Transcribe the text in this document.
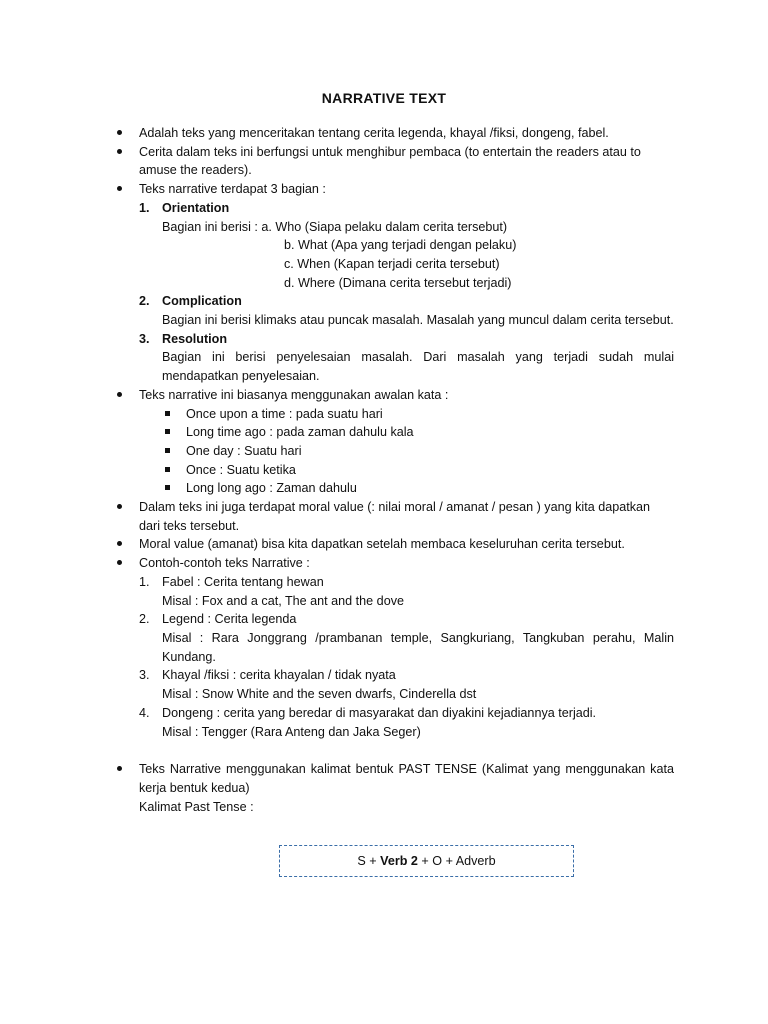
NARRATIVE TEXT
Adalah teks yang menceritakan tentang cerita legenda, khayal /fiksi, dongeng, fabel.
Cerita dalam teks ini berfungsi untuk menghibur pembaca (to entertain the readers atau to amuse the readers).
Teks narrative terdapat 3 bagian :
1. Orientation
Bagian ini berisi : a. Who (Siapa pelaku dalam cerita tersebut)
b. What (Apa yang terjadi dengan pelaku)
c. When (Kapan terjadi cerita tersebut)
d. Where (Dimana cerita tersebut terjadi)
2. Complication
Bagian ini berisi klimaks atau puncak masalah. Masalah yang muncul dalam cerita tersebut.
3. Resolution
Bagian ini berisi penyelesaian masalah. Dari masalah yang terjadi sudah mulai mendapatkan penyelesaian.
Teks narrative ini biasanya menggunakan awalan kata :
Once upon a time : pada suatu hari
Long time ago : pada zaman dahulu kala
One day : Suatu hari
Once : Suatu ketika
Long long ago : Zaman dahulu
Dalam teks ini juga terdapat moral value (: nilai moral / amanat / pesan ) yang kita dapatkan dari teks tersebut.
Moral value (amanat) bisa kita dapatkan setelah membaca keseluruhan cerita tersebut.
Contoh-contoh teks Narrative :
1. Fabel : Cerita tentang hewan
Misal : Fox and a cat, The ant and the dove
2. Legend : Cerita legenda
Misal : Rara Jonggrang /prambanan temple, Sangkuriang, Tangkuban perahu, Malin Kundang.
3. Khayal /fiksi : cerita khayalan / tidak nyata
Misal : Snow White and the seven dwarfs, Cinderella dst
4. Dongeng : cerita yang beredar di masyarakat dan diyakini kejadiannya terjadi.
Misal : Tengger (Rara Anteng dan Jaka Seger)
Teks Narrative menggunakan kalimat bentuk PAST TENSE (Kalimat yang menggunakan kata kerja bentuk kedua)
Kalimat Past Tense :
S + Verb 2 + O + Adverb
